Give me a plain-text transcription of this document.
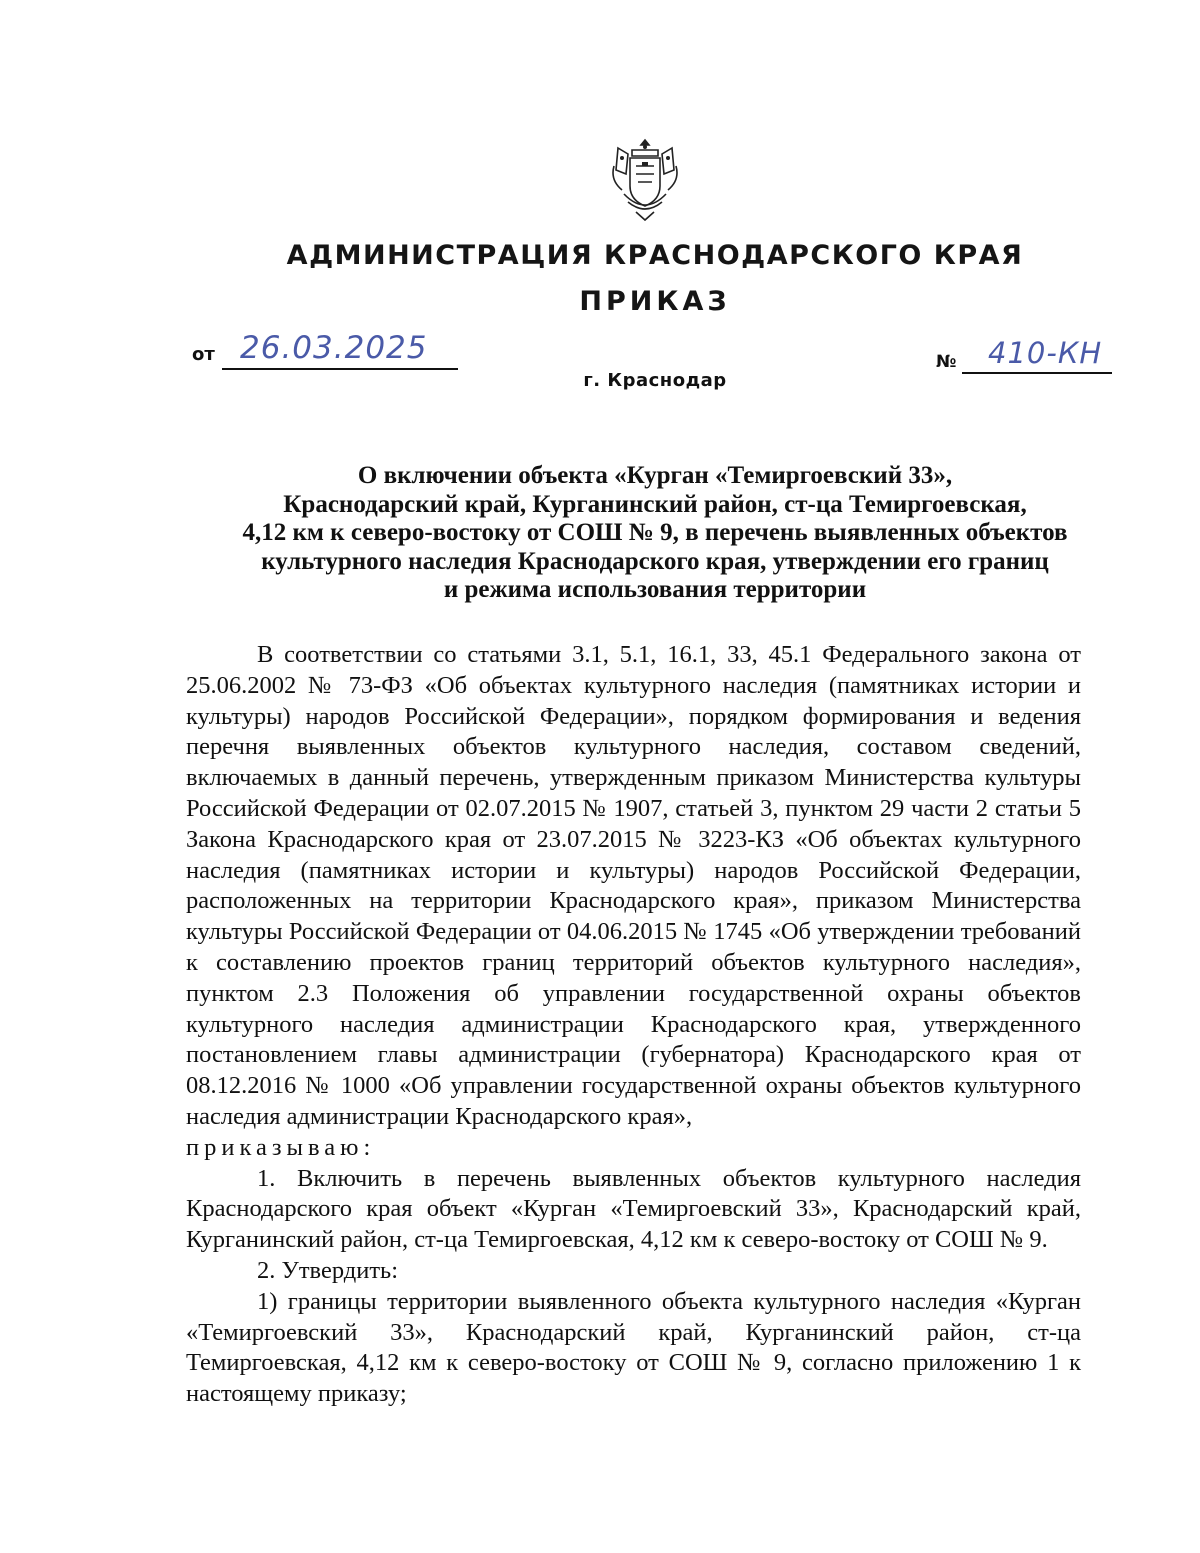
АДМИНИСТРАЦИЯ КРАСНОДАРСКОГО КРАЯ
ПРИКАЗ
от 26.03.2025
г. Краснодар
№ 410-КН
О включении объекта «Курган «Темиргоевский 33»,
Краснодарский край, Курганинский район, ст-ца Темиргоевская,
4,12 км к северо-востоку от СОШ № 9, в перечень выявленных объектов
культурного наследия Краснодарского края, утверждении его границ
и режима использования территории

В соответствии со статьями 3.1, 5.1, 16.1, 33, 45.1 Федерального закона от 25.06.2002 № 73-ФЗ «Об объектах культурного наследия (памятниках истории и культуры) народов Российской Федерации», порядком формирования и ведения перечня выявленных объектов культурного наследия, составом сведений, включаемых в данный перечень, утвержденным приказом Министерства культуры Российской Федерации от 02.07.2015 № 1907, статьей 3, пунктом 29 части 2 статьи 5 Закона Краснодарского края от 23.07.2015 № 3223-КЗ «Об объектах культурного наследия (памятниках истории и культуры) народов Российской Федерации, расположенных на территории Краснодарского края», приказом Министерства культуры Российской Федерации от 04.06.2015 № 1745 «Об утверждении требований к составлению проектов границ территорий объектов культурного наследия», пунктом 2.3 Положения об управлении государственной охраны объектов культурного наследия администрации Краснодарского края, утвержденного постановлением главы администрации (губернатора) Краснодарского края от 08.12.2016 № 1000 «Об управлении государственной охраны объектов культурного наследия администрации Краснодарского края»,

приказываю:

1. Включить в перечень выявленных объектов культурного наследия Краснодарского края объект «Курган «Темиргоевский 33», Краснодарский край, Курганинский район, ст-ца Темиргоевская, 4,12 км к северо-востоку от СОШ № 9.

2. Утвердить:

1) границы территории выявленного объекта культурного наследия «Курган «Темиргоевский 33», Краснодарский край, Курганинский район, ст-ца Темиргоевская, 4,12 км к северо-востоку от СОШ № 9, согласно приложению 1 к настоящему приказу;
